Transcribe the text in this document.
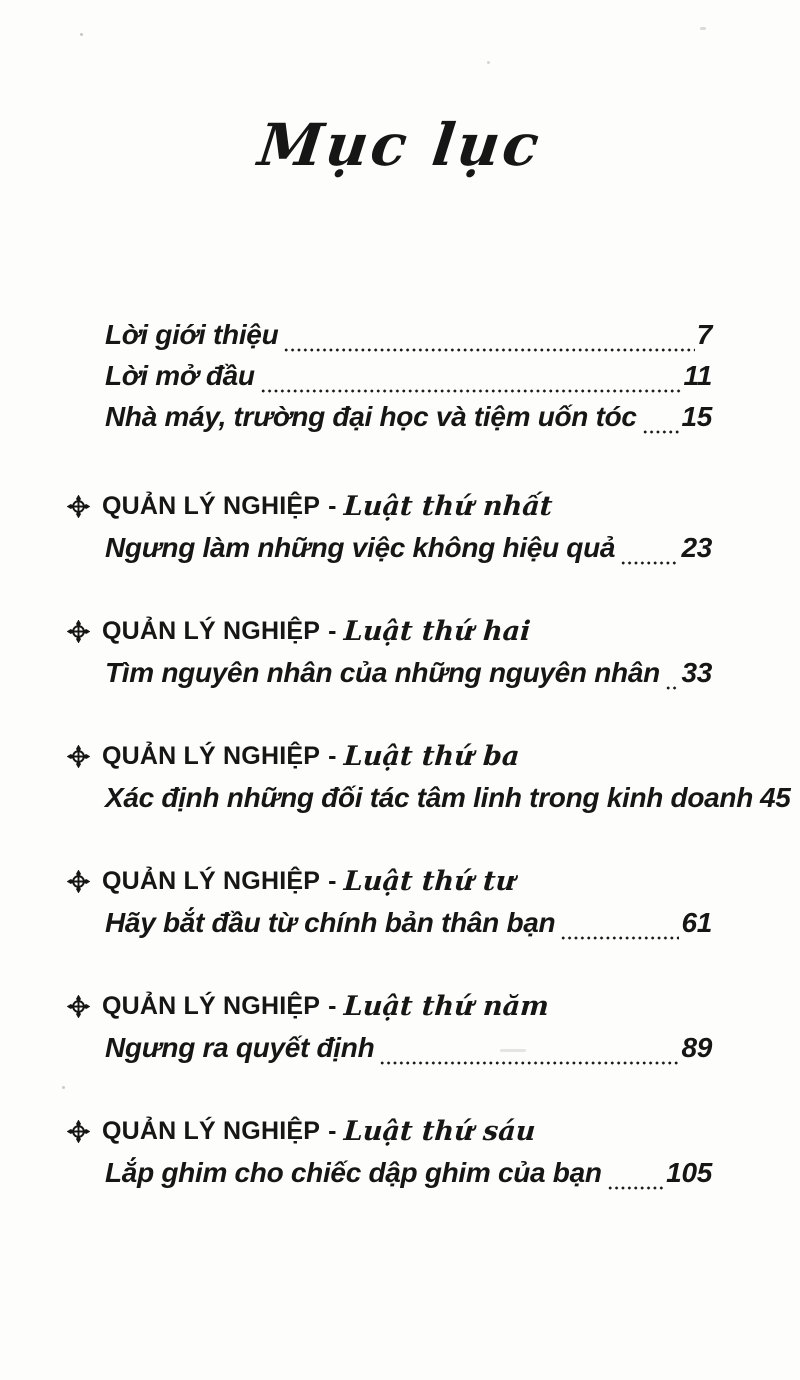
Mục lục
Lời giới thiệu	7
Lời mở đầu	11
Nhà máy, trường đại học và tiệm uốn tóc 15
QUẢN LÝ NGHIỆP - Luật thứ nhất
Ngưng làm những việc không hiệu quả 23
QUẢN LÝ NGHIỆP - Luật thứ hai
Tìm nguyên nhân của những nguyên nhân 33
QUẢN LÝ NGHIỆP - Luật thứ ba
Xác định những đối tác tâm linh trong kinh doanh 45
QUẢN LÝ NGHIỆP - Luật thứ tư
Hãy bắt đầu từ chính bản thân bạn	61
QUẢN LÝ NGHIỆP - Luật thứ năm
Ngưng ra quyết định	89
QUẢN LÝ NGHIỆP - Luật thứ sáu
Lắp ghim cho chiếc dập ghim của bạn 105
